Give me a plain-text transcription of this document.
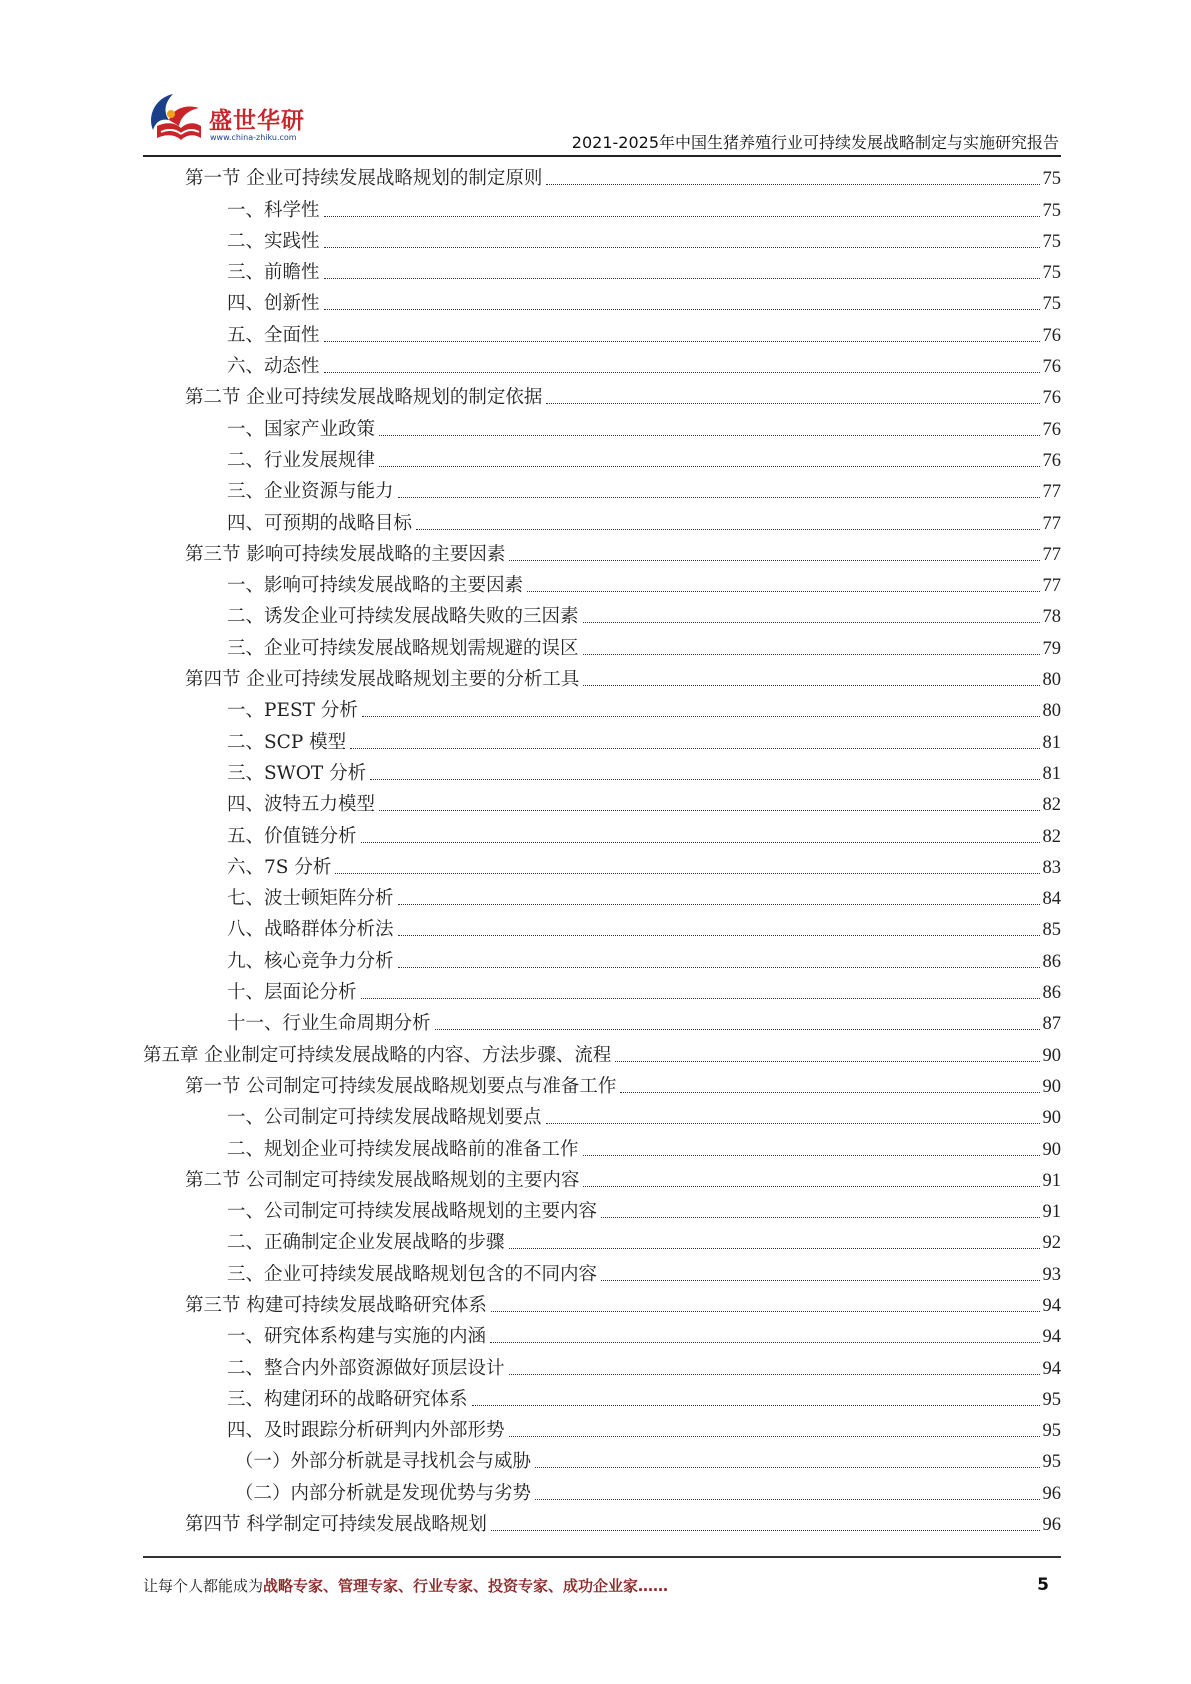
盛世华研
www.china-zhiku.com	2021-2025年中国生猪养殖行业可持续发展战略制定与实施研究报告
第一节 企业可持续发展战略规划的制定原则	75
一、科学性	75
二、实践性	75
三、前瞻性	75
四、创新性	75
五、全面性	76
六、动态性	76
第二节 企业可持续发展战略规划的制定依据	76
一、国家产业政策	76
二、行业发展规律	76
三、企业资源与能力	77
四、可预期的战略目标	77
第三节 影响可持续发展战略的主要因素	77
一、影响可持续发展战略的主要因素	77
二、诱发企业可持续发展战略失败的三因素	78
三、企业可持续发展战略规划需规避的误区	79
第四节 企业可持续发展战略规划主要的分析工具	80
一、PEST 分析	80
二、SCP 模型	81
三、SWOT 分析	81
四、波特五力模型	82
五、价值链分析	82
六、7S 分析	83
七、波士顿矩阵分析	84
八、战略群体分析法	85
九、核心竞争力分析	86
十、层面论分析	86
十一、行业生命周期分析	87
第五章 企业制定可持续发展战略的内容、方法步骤、流程	90
第一节 公司制定可持续发展战略规划要点与准备工作	90
一、公司制定可持续发展战略规划要点	90
二、规划企业可持续发展战略前的准备工作	90
第二节 公司制定可持续发展战略规划的主要内容	91
一、公司制定可持续发展战略规划的主要内容	91
二、正确制定企业发展战略的步骤	92
三、企业可持续发展战略规划包含的不同内容	93
第三节 构建可持续发展战略研究体系	94
一、研究体系构建与实施的内涵	94
二、整合内外部资源做好顶层设计	94
三、构建闭环的战略研究体系	95
四、及时跟踪分析研判内外部形势	95
（一）外部分析就是寻找机会与威胁	95
（二）内部分析就是发现优势与劣势	96
第四节 科学制定可持续发展战略规划	96
让每个人都能成为战略专家、管理专家、行业专家、投资专家、成功企业家……	5
